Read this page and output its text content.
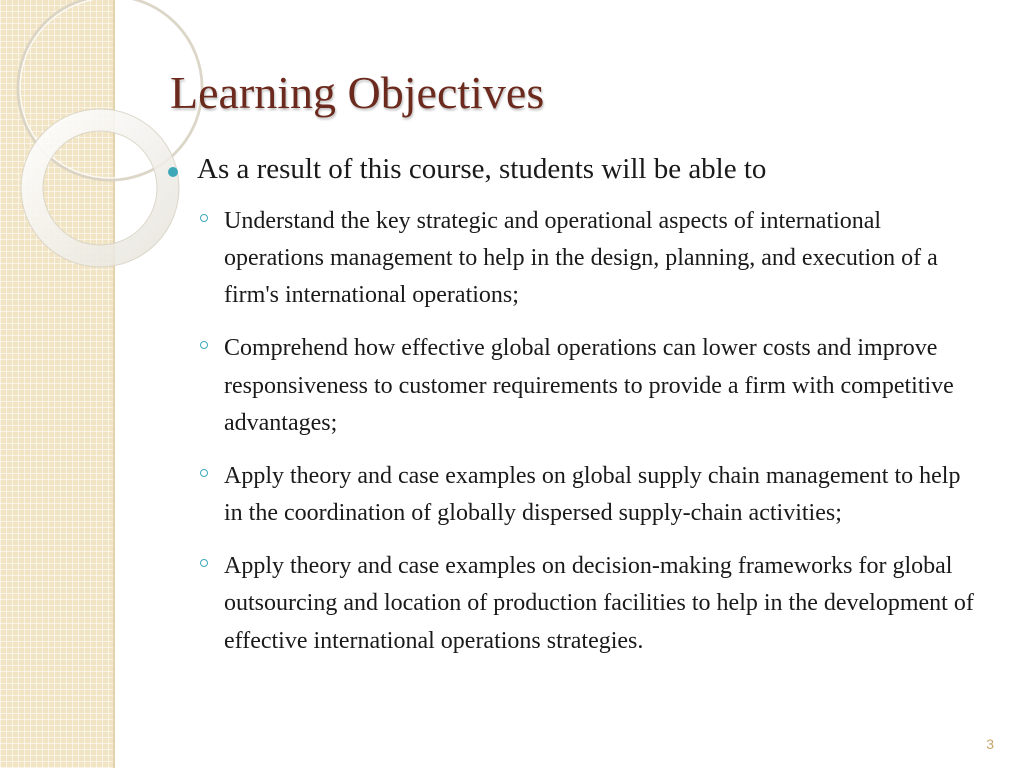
Learning Objectives
As a result of this course, students will be able to
Understand the key strategic and operational aspects of international operations management to help in the design, planning, and execution of a firm's international operations;
Comprehend how effective global operations can lower costs and improve responsiveness to customer requirements to provide a firm with competitive advantages;
Apply theory and case examples on global supply chain management to help in the coordination of globally dispersed supply-chain activities;
Apply theory and case examples on decision-making frameworks for global outsourcing and location of production facilities to help in the development of effective international operations strategies.
3
